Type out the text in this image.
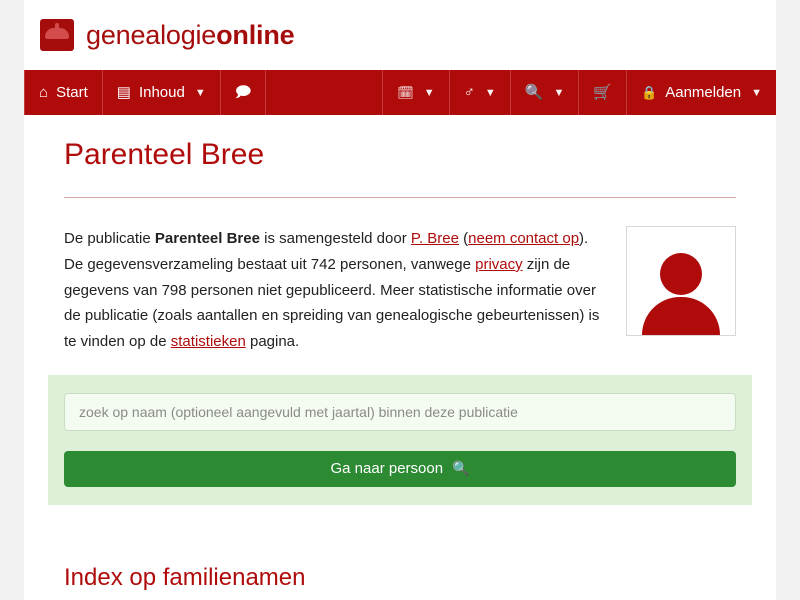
genealogieonline
⌂ Start ▤ Inhoud ▼ 🗩	🗓 ▼ ♂ ▼ 🔍 ▼ 🛒 🔒 Aanmelden ▼
Parenteel Bree
De publicatie Parenteel Bree is samengesteld door P. Bree (neem contact op). De gegevensverzameling bestaat uit 742 personen, vanwege privacy zijn de gegevens van 798 personen niet gepubliceerd. Meer statistische informatie over de publicatie (zoals aantallen en spreiding van genealogische gebeurtenissen) is te vinden op de statistieken pagina.
zoek op naam (optioneel aangevuld met jaartal) binnen deze publicatie
Ga naar persoon 🔍
Index op familienamen
